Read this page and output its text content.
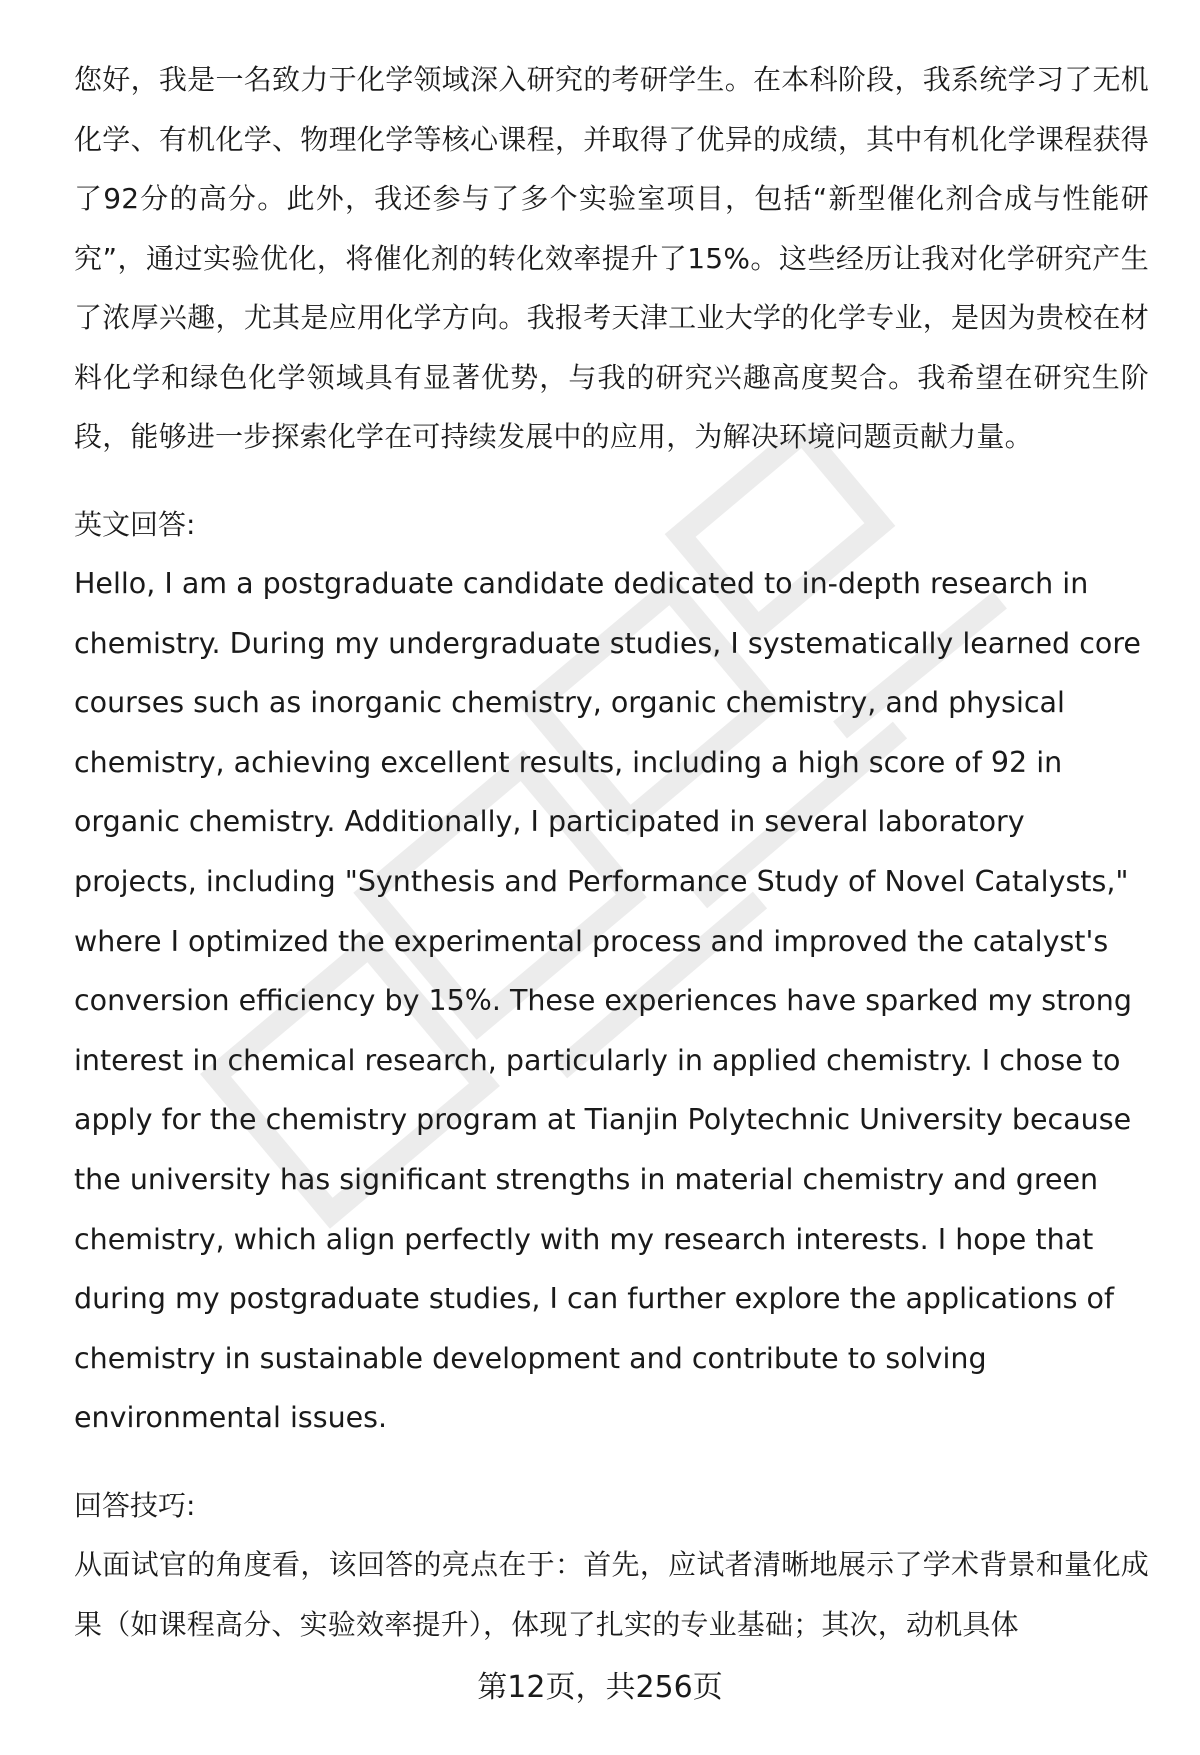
您好，我是一名致力于化学领域深入研究的考研学生。在本科阶段，我系统学习了无机化学、有机化学、物理化学等核心课程，并取得了优异的成绩，其中有机化学课程获得了92分的高分。此外，我还参与了多个实验室项目，包括“新型催化剂合成与性能研究”，通过实验优化，将催化剂的转化效率提升了15%。这些经历让我对化学研究产生了浓厚兴趣，尤其是应用化学方向。我报考天津工业大学的化学专业，是因为贵校在材料化学和绿色化学领域具有显著优势，与我的研究兴趣高度契合。我希望在研究生阶段，能够进一步探索化学在可持续发展中的应用，为解决环境问题贡献力量。

英文回答:

Hello, I am a postgraduate candidate dedicated to in-depth research in chemistry. During my undergraduate studies, I systematically learned core courses such as inorganic chemistry, organic chemistry, and physical chemistry, achieving excellent results, including a high score of 92 in organic chemistry. Additionally, I participated in several laboratory projects, including "Synthesis and Performance Study of Novel Catalysts," where I optimized the experimental process and improved the catalyst's conversion efficiency by 15%. These experiences have sparked my strong interest in chemical research, particularly in applied chemistry. I chose to apply for the chemistry program at Tianjin Polytechnic University because the university has significant strengths in material chemistry and green chemistry, which align perfectly with my research interests. I hope that during my postgraduate studies, I can further explore the applications of chemistry in sustainable development and contribute to solving environmental issues.

回答技巧:

从面试官的角度看，该回答的亮点在于：首先，应试者清晰地展示了学术背景和量化成果（如课程高分、实验效率提升），体现了扎实的专业基础；其次，动机具体

第12页，共256页
